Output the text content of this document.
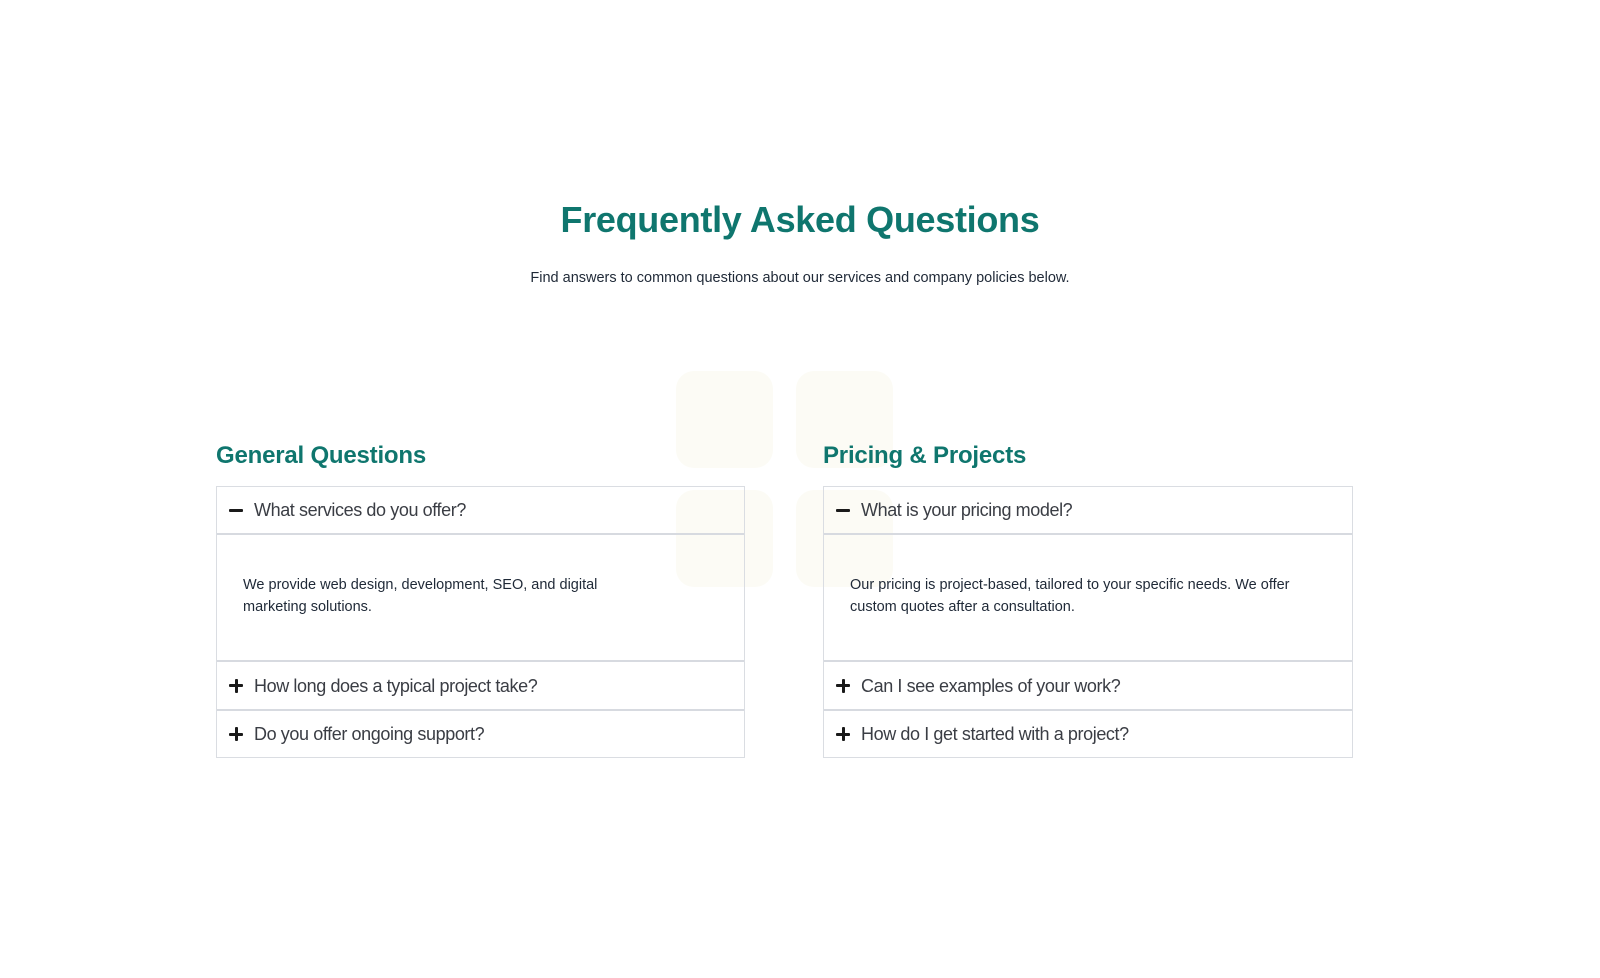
Frequently Asked Questions

Find answers to common questions about our services and company policies below.

General Questions
What services do you offer?

We provide web design, development, SEO, and digital marketing solutions.

How long does a typical project take?
Do you offer ongoing support?
Pricing & Projects
What is your pricing model?

Our pricing is project-based, tailored to your specific needs. We offer custom quotes after a consultation.

Can I see examples of your work?
How do I get started with a project?
